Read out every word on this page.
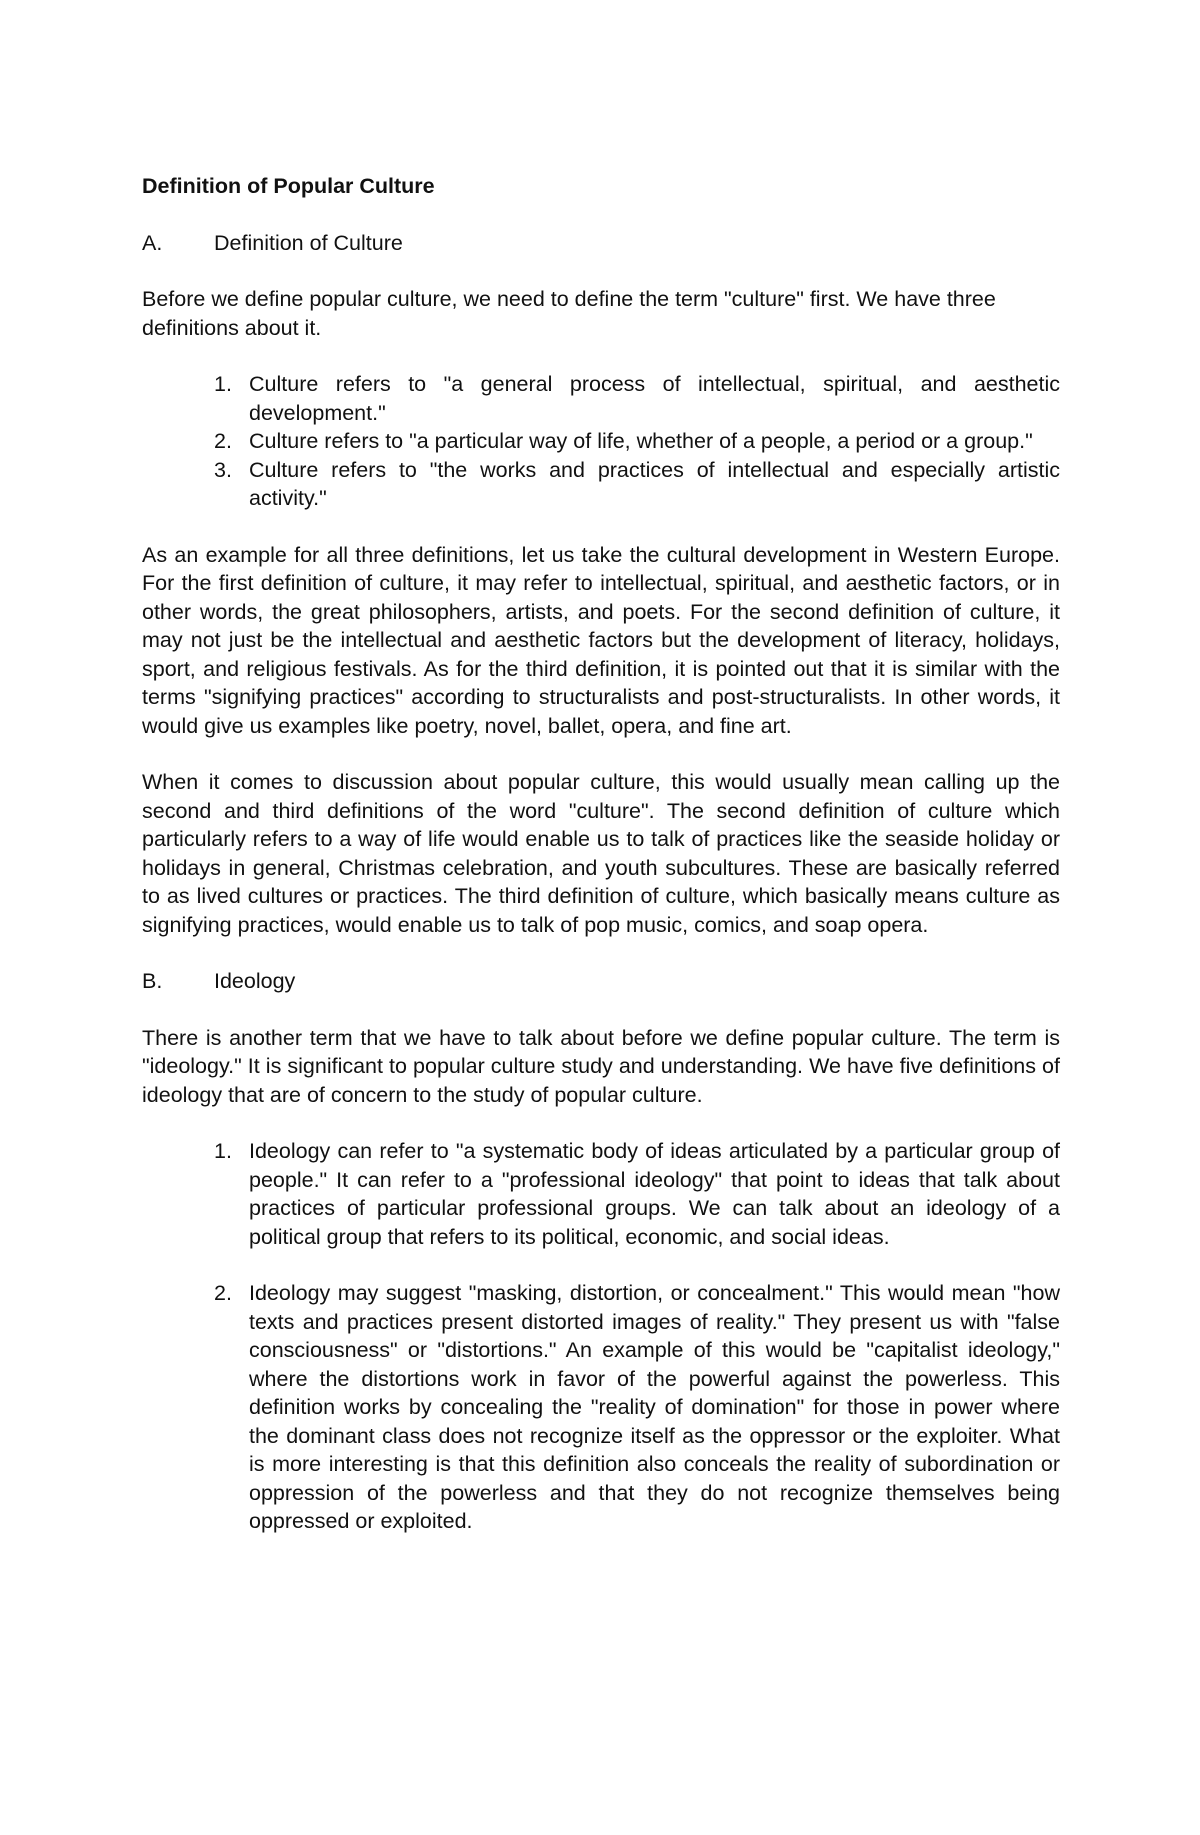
Definition of Popular Culture
A.	Definition of Culture

Before we define popular culture, we need to define the term "culture" first. We have three definitions about it.

1. Culture refers to "a general process of intellectual, spiritual, and aesthetic development."
2. Culture refers to "a particular way of life, whether of a people, a period or a group."
3. Culture refers to "the works and practices of intellectual and especially artistic activity."

As an example for all three definitions, let us take the cultural development in Western Europe. For the first definition of culture, it may refer to intellectual, spiritual, and aesthetic factors, or in other words, the great philosophers, artists, and poets. For the second definition of culture, it may not just be the intellectual and aesthetic factors but the development of literacy, holidays, sport, and religious festivals. As for the third definition, it is pointed out that it is similar with the terms "signifying practices" according to structuralists and post-structuralists. In other words, it would give us examples like poetry, novel, ballet, opera, and fine art.

When it comes to discussion about popular culture, this would usually mean calling up the second and third definitions of the word "culture". The second definition of culture which particularly refers to a way of life would enable us to talk of practices like the seaside holiday or holidays in general, Christmas celebration, and youth subcultures. These are basically referred to as lived cultures or practices. The third definition of culture, which basically means culture as signifying practices, would enable us to talk of pop music, comics, and soap opera.

B.	Ideology

There is another term that we have to talk about before we define popular culture. The term is "ideology." It is significant to popular culture study and understanding. We have five definitions of ideology that are of concern to the study of popular culture.

1. Ideology can refer to "a systematic body of ideas articulated by a particular group of people." It can refer to a "professional ideology" that point to ideas that talk about practices of particular professional groups. We can talk about an ideology of a political group that refers to its political, economic, and social ideas.
2. Ideology may suggest "masking, distortion, or concealment." This would mean "how texts and practices present distorted images of reality." They present us with "false consciousness" or "distortions." An example of this would be "capitalist ideology," where the distortions work in favor of the powerful against the powerless. This definition works by concealing the "reality of domination" for those in power where the dominant class does not recognize itself as the oppressor or the exploiter. What is more interesting is that this definition also conceals the reality of subordination or oppression of the powerless and that they do not recognize themselves being oppressed or exploited.
